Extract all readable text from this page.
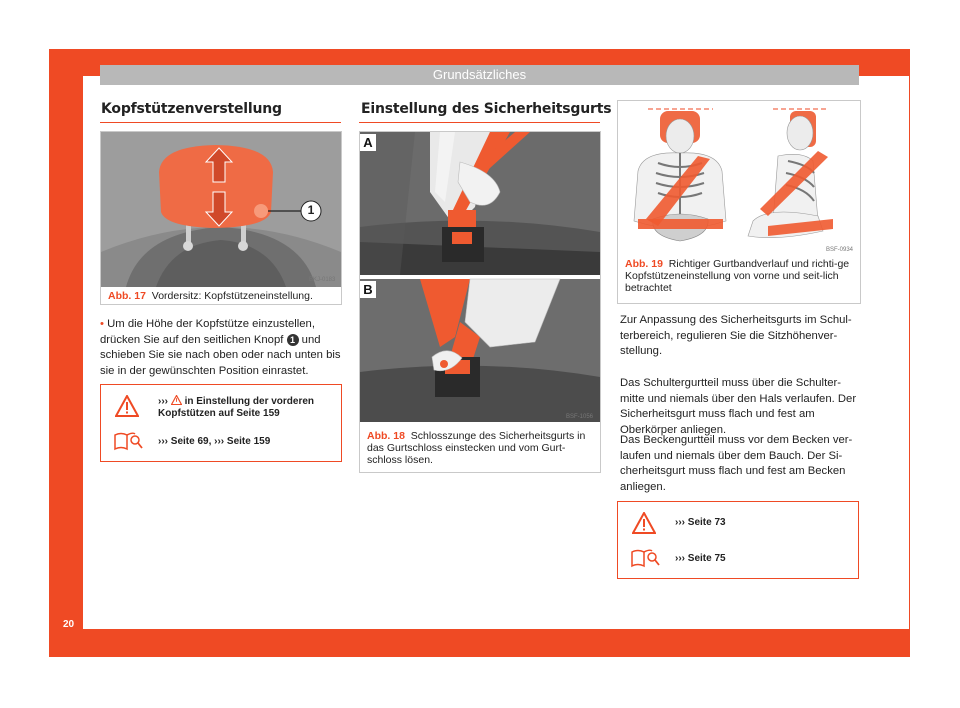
Grundsätzliches
Kopfstützenverstellung
1
BKJ-0183
Abb. 17 Vordersitz: Kopfstützeneinstellung.

• Um die Höhe der Kopfstütze einzustellen, drücken Sie auf den seitlichen Knopf 1 und schieben Sie sie nach oben oder nach unten bis sie in der gewünschten Position einrastet.

››› in Einstellung der vorderen Kopfstützen auf Seite 159
››› Seite 69, ››› Seite 159
Einstellung des Sicherheitsgurts
A
B
BSF-1056
Abb. 18 Schlosszunge des Sicherheitsgurts in das Gurtschloss einstecken und vom Gurt-schloss lösen.
BSF-0934
Abb. 19 Richtiger Gurtbandverlauf und richti-ge Kopfstützeneinstellung von vorne und seit-lich betrachtet

Zur Anpassung des Sicherheitsgurts im Schul-terbereich, regulieren Sie die Sitzhöhenver-stellung.

Das Schultergurtteil muss über die Schulter-mitte und niemals über den Hals verlaufen. Der Sicherheitsgurt muss flach und fest am Oberkörper anliegen.

Das Beckengurtteil muss vor dem Becken ver-laufen und niemals über dem Bauch. Der Si-cherheitsgurt muss flach und fest am Becken anliegen.

››› Seite 73
››› Seite 75
20
